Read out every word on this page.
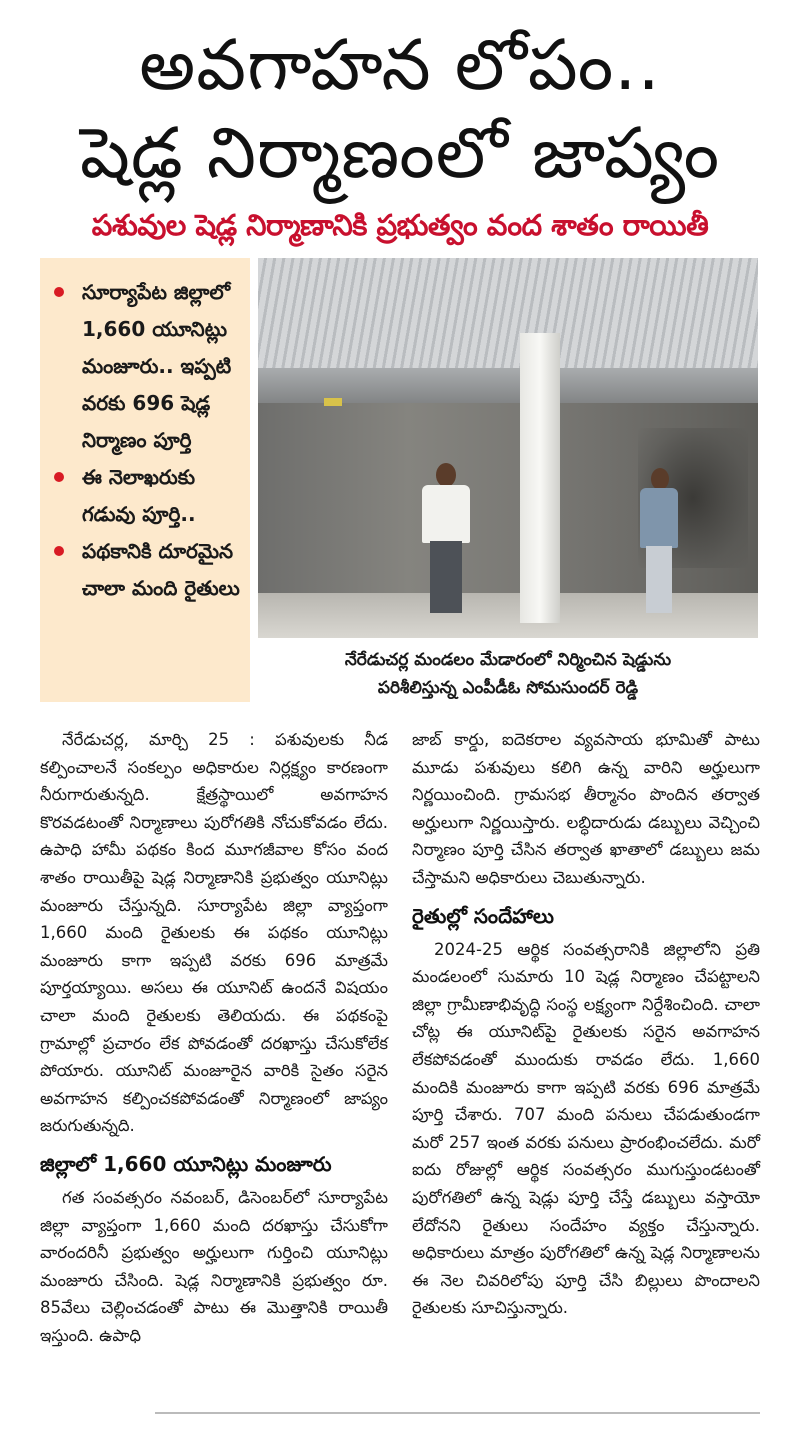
అవగాహన లోపం..
షెడ్ల నిర్మాణంలో జాప్యం
పశువుల షెడ్ల నిర్మాణానికి ప్రభుత్వం వంద శాతం రాయితీ
సూర్యాపేట జిల్లాలో 1,660 యూనిట్లు మంజూరు.. ఇప్పటి వరకు 696 షెడ్ల నిర్మాణం పూర్తి
ఈ నెలాఖరుకు గడువు పూర్తి..
పథకానికి దూరమైన చాలా మంది రైతులు
నేరేడుచర్ల మండలం మేడారంలో నిర్మించిన షెడ్డును
పరిశీలిస్తున్న ఎంపీడీఓ సోమసుందర్ రెడ్డి

నేరేడుచర్ల, మార్చి 25 : పశువులకు నీడ కల్పించాలనే సంకల్పం అధికారుల నిర్లక్ష్యం కారణంగా నీరుగారుతున్నది. క్షేత్రస్థాయిలో అవగాహన కొరవడటంతో నిర్మాణాలు పురోగతికి నోచుకోవడం లేదు. ఉపాధి హామీ పథకం కింద మూగజీవాల కోసం వంద శాతం రాయితీపై షెడ్ల నిర్మాణానికి ప్రభుత్వం యూనిట్లు మంజూరు చేస్తున్నది. సూర్యాపేట జిల్లా వ్యాప్తంగా 1,660 మంది రైతులకు ఈ పథకం యూనిట్లు మంజూరు కాగా ఇప్పటి వరకు 696 మాత్రమే పూర్తయ్యాయి. అసలు ఈ యూనిట్ ఉందనే విషయం చాలా మంది రైతులకు తెలియదు. ఈ పథకంపై గ్రామాల్లో ప్రచారం లేక పోవడంతో దరఖాస్తు చేసుకోలేక పోయారు. యూనిట్ మంజూరైన వారికి సైతం సరైన అవగాహన కల్పించకపోవడంతో నిర్మాణంలో జాప్యం జరుగుతున్నది.

జిల్లాలో 1,660 యూనిట్లు మంజూరు

గత సంవత్సరం నవంబర్, డిసెంబర్‌లో సూర్యాపేట జిల్లా వ్యాప్తంగా 1,660 మంది దరఖాస్తు చేసుకోగా వారందరినీ ప్రభుత్వం అర్హులుగా గుర్తించి యూనిట్లు మంజూరు చేసింది. షెడ్ల నిర్మాణానికి ప్రభుత్వం రూ. 85వేలు చెల్లించడంతో పాటు ఈ మొత్తానికి రాయితీ ఇస్తుంది. ఉపాధి

జాబ్ కార్డు, ఐదెకరాల వ్యవసాయ భూమితో పాటు మూడు పశువులు కలిగి ఉన్న వారిని అర్హులుగా నిర్ణయించింది. గ్రామసభ తీర్మానం పొందిన తర్వాత అర్హులుగా నిర్ణయిస్తారు. లబ్ధిదారుడు డబ్బులు వెచ్చించి నిర్మాణం పూర్తి చేసిన తర్వాత ఖాతాలో డబ్బులు జమ చేస్తామని అధికారులు చెబుతున్నారు.

రైతుల్లో సందేహాలు

2024-25 ఆర్థిక సంవత్సరానికి జిల్లాలోని ప్రతి మండలంలో సుమారు 10 షెడ్ల నిర్మాణం చేపట్టాలని జిల్లా గ్రామీణాభివృద్ధి సంస్థ లక్ష్యంగా నిర్దేశించింది. చాలా చోట్ల ఈ యూనిట్‌పై రైతులకు సరైన అవగాహన లేకపోవడంతో ముందుకు రావడం లేదు. 1,660 మందికి మంజూరు కాగా ఇప్పటి వరకు 696 మాత్రమే పూర్తి చేశారు. 707 మంది పనులు చేపడుతుండగా మరో 257 ఇంత వరకు పనులు ప్రారంభించలేదు. మరో ఐదు రోజుల్లో ఆర్థిక సంవత్సరం ముగుస్తుండటంతో పురోగతిలో ఉన్న షెడ్లు పూర్తి చేస్తే డబ్బులు వస్తాయో లేదోనని రైతులు సందేహం వ్యక్తం చేస్తున్నారు. అధికారులు మాత్రం పురోగతిలో ఉన్న షెడ్ల నిర్మాణాలను ఈ నెల చివరిలోపు పూర్తి చేసి బిల్లులు పొందాలని రైతులకు సూచిస్తున్నారు.
